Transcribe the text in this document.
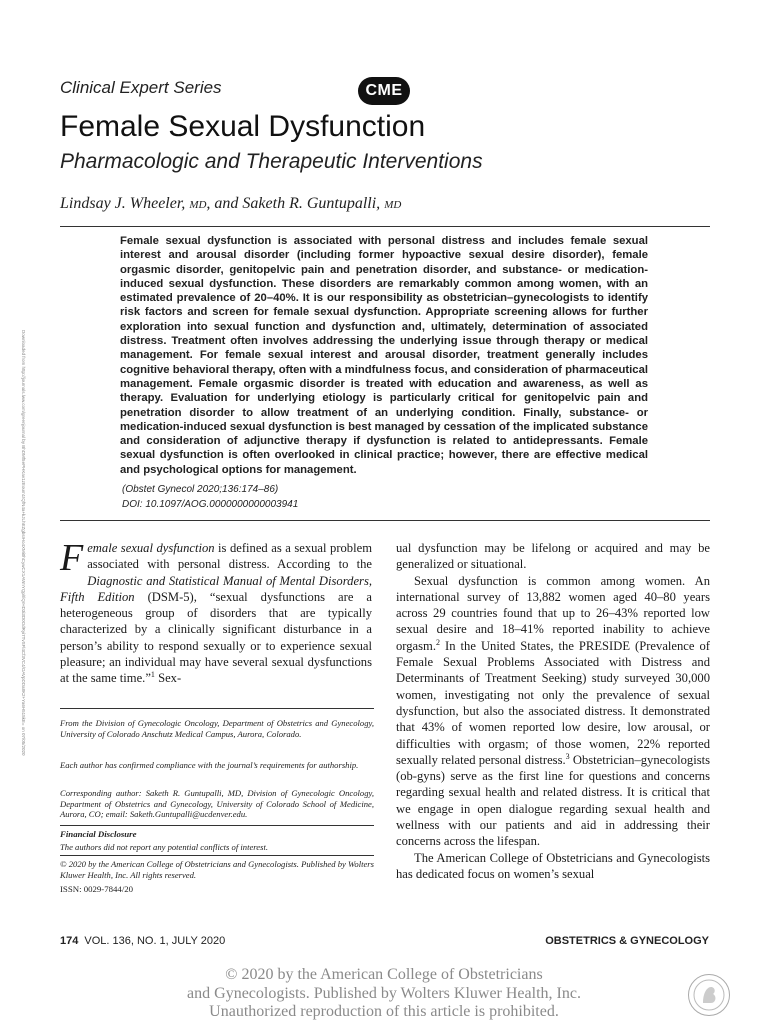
Clinical Expert Series	CME
Female Sexual Dysfunction
Pharmacologic and Therapeutic Interventions
Lindsay J. Wheeler, MD, and Saketh R. Guntupalli, MD

Female sexual dysfunction is associated with personal distress and includes female sexual interest and arousal disorder (including former hypoactive sexual desire disorder), female orgasmic disorder, genitopelvic pain and penetration disorder, and substance- or medication-induced sexual dysfunction. These disorders are remarkably common among women, with an estimated prevalence of 20–40%. It is our responsibility as obstetrician–gynecologists to identify risk factors and screen for female sexual dysfunction. Appropriate screening allows for further exploration into sexual function and dysfunction and, ultimately, determination of associated distress. Treatment often involves addressing the underlying issue through therapy or medical management. For female sexual interest and arousal disorder, treatment generally includes cognitive behavioral therapy, often with a mindfulness focus, and consideration of pharmaceutical management. Female orgasmic disorder is treated with education and awareness, as well as therapy. Evaluation for underlying etiology is particularly critical for genitopelvic pain and penetration disorder to allow treatment of an underlying condition. Finally, substance- or medication-induced sexual dysfunction is best managed by cessation of the implicated substance and consideration of adjunctive therapy if dysfunction is related to antidepressants. Female sexual dysfunction is often overlooked in clinical practice; however, there are effective medical and psychological options for management.

(Obstet Gynecol 2020;136:174–86)
DOI: 10.1097/AOG.0000000000003941
Downloaded from http://journals.lww.com/greenjournal by BhDMf5ePHKav1zEoum1tQfN4a+kJLhEZgbsIHo4XMi0hCywCX1AWnYQp/IlQrHD3i3D0OdRyi7TvSFl4Cf3VC4/OAVpDDa8K2+Ya6H515kE= on 07/05/2020 Female sexual dysfunction is defined as a sexual problem associated with personal distress. According to the Diagnostic and Statistical Manual of Mental Disorders, Fifth Edition (DSM-5), “sexual dysfunctions are a heterogeneous group of disorders that are typically characterized by a clinically significant disturbance in a person’s ability to respond sexually or to experience sexual pleasure; an individual may have several sexual dysfunctions at the same time.”$^1$ Sex-

From the Division of Gynecologic Oncology, Department of Obstetrics and Gynecology, University of Colorado Anschutz Medical Campus, Aurora, Colorado.

Each author has confirmed compliance with the journal’s requirements for authorship.

Corresponding author: Saketh R. Guntupalli, MD, Division of Gynecologic Oncology, Department of Obstetrics and Gynecology, University of Colorado School of Medicine, Aurora, CO; email: Saketh.Guntupalli@ucdenver.edu.

Financial Disclosure

The authors did not report any potential conflicts of interest.

© 2020 by the American College of Obstetricians and Gynecologists. Published by Wolters Kluwer Health, Inc. All rights reserved.

ISSN: 0029-7844/20

ual dysfunction may be lifelong or acquired and may be generalized or situational.

Sexual dysfunction is common among women. An international survey of 13,882 women aged 40–80 years across 29 countries found that up to 26–43% reported low sexual desire and 18–41% reported inability to achieve orgasm.$^2$ In the United States, the PRESIDE (Prevalence of Female Sexual Problems Associated with Distress and Determinants of Treatment Seeking) study surveyed 30,000 women, investigating not only the prevalence of sexual dysfunction, but also the associated distress. It demonstrated that 43% of women reported low desire, low arousal, or difficulties with orgasm; of those women, 22% reported sexually related personal distress.$^3$ Obstetrician–gynecologists (ob-gyns) serve as the first line for questions and concerns regarding sexual health and related distress. It is critical that we engage in open dialogue regarding sexual health and wellness with our patients and aid in addressing their concerns across the lifespan.

The American College of Obstetricians and Gynecologists has dedicated focus on women’s sexual

174 VOL. 136, NO. 1, JULY 2020	OBSTETRICS & GYNECOLOGY
© 2020 by the American College of Obstetricians
and Gynecologists. Published by Wolters Kluwer Health, Inc.
Unauthorized reproduction of this article is prohibited.
